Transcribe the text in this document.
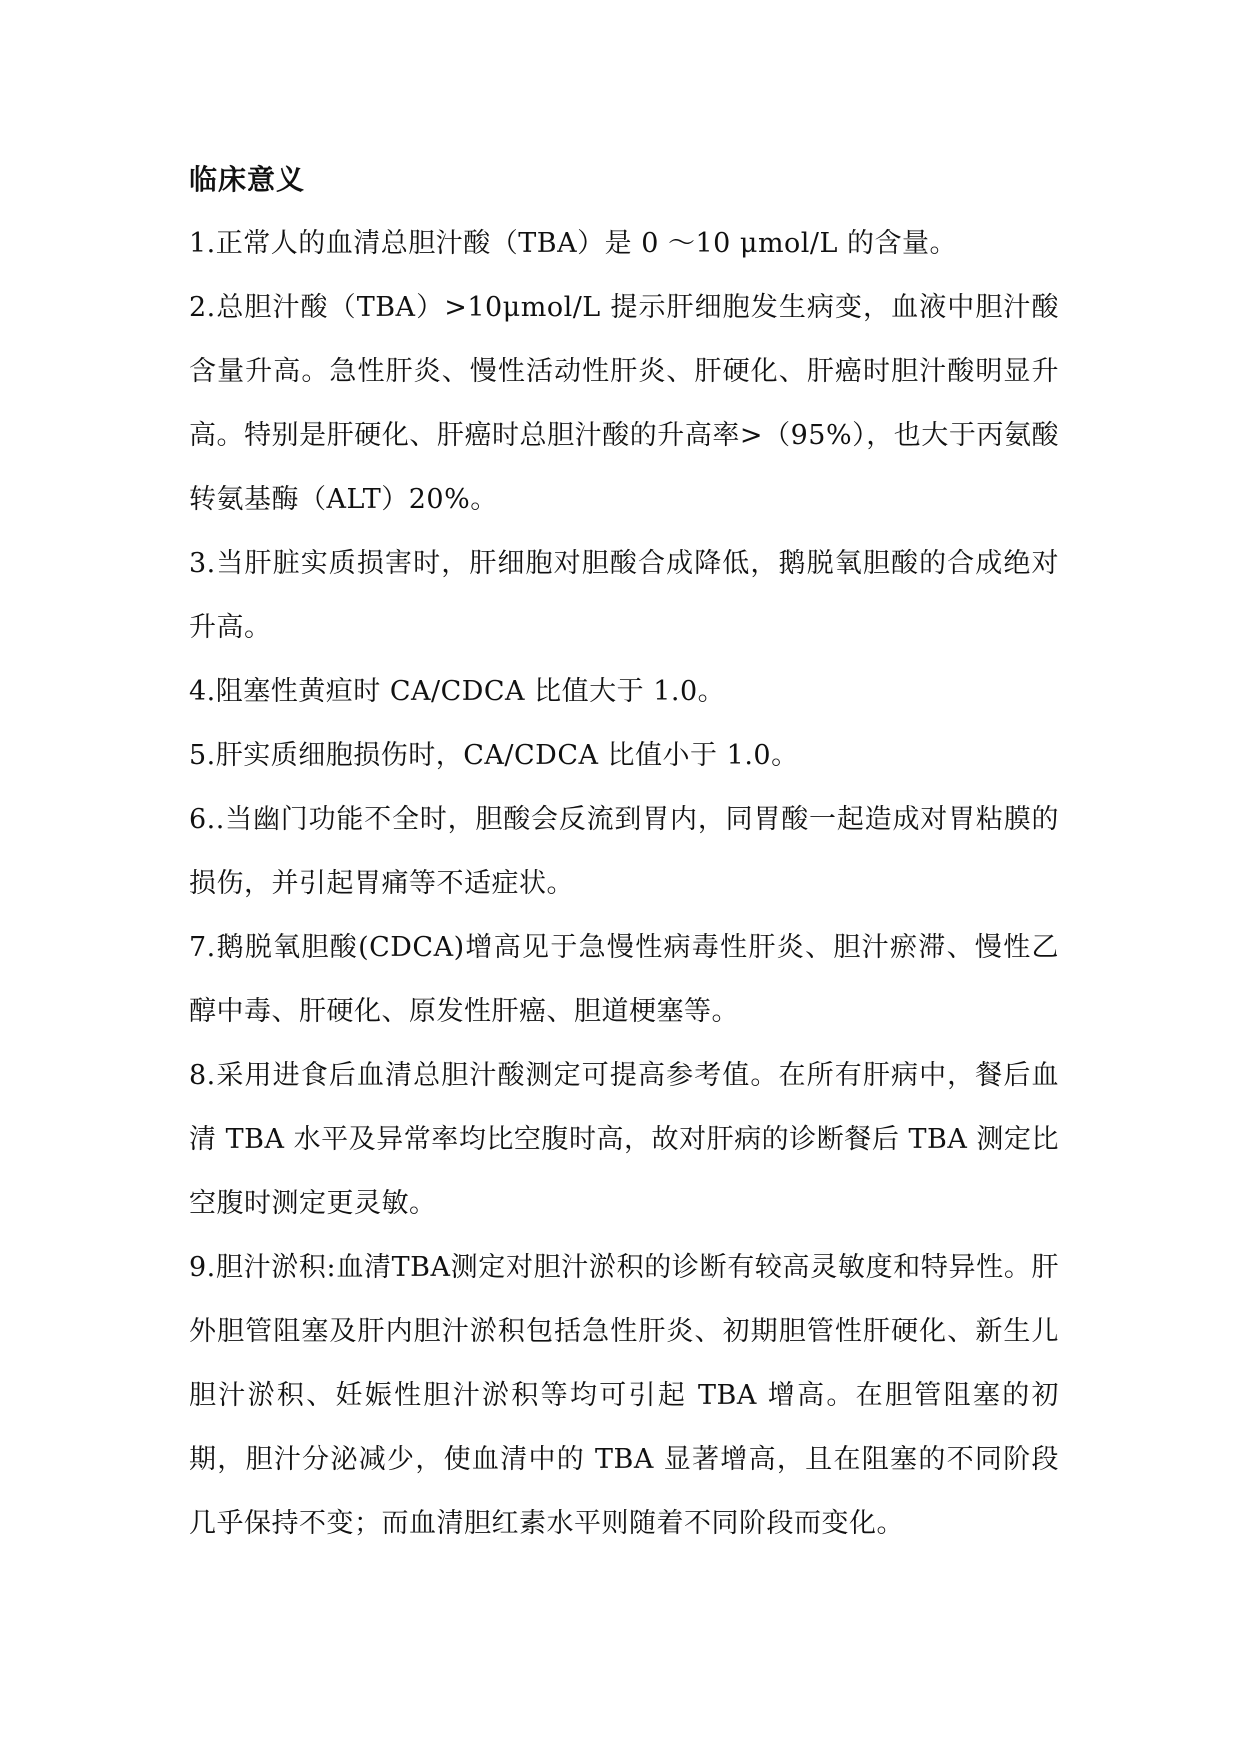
临床意义

1.正常人的血清总胆汁酸（TBA）是 0 ～10 μmol/L 的含量。

2.总胆汁酸（TBA）>10μmol/L 提示肝细胞发生病变，血液中胆汁酸含量升高。急性肝炎、慢性活动性肝炎、肝硬化、肝癌时胆汁酸明显升高。特别是肝硬化、肝癌时总胆汁酸的升高率>（95%），也大于丙氨酸转氨基酶（ALT）20%。

3.当肝脏实质损害时，肝细胞对胆酸合成降低，鹅脱氧胆酸的合成绝对升高。

4.阻塞性黄疸时 CA/CDCA 比值大于 1.0。

5.肝实质细胞损伤时，CA/CDCA 比值小于 1.0。

6..当幽门功能不全时，胆酸会反流到胃内，同胃酸一起造成对胃粘膜的损伤，并引起胃痛等不适症状。

7.鹅脱氧胆酸(CDCA)增高见于急慢性病毒性肝炎、胆汁瘀滞、慢性乙醇中毒、肝硬化、原发性肝癌、胆道梗塞等。

8.采用进食后血清总胆汁酸测定可提高参考值。在所有肝病中，餐后血清 TBA 水平及异常率均比空腹时高，故对肝病的诊断餐后 TBA 测定比空腹时测定更灵敏。

9.胆汁淤积:血清TBA测定对胆汁淤积的诊断有较高灵敏度和特异性。肝外胆管阻塞及肝内胆汁淤积包括急性肝炎、初期胆管性肝硬化、新生儿胆汁淤积、妊娠性胆汁淤积等均可引起 TBA 增高。在胆管阻塞的初期，胆汁分泌减少，使血清中的 TBA 显著增高，且在阻塞的不同阶段几乎保持不变；而血清胆红素水平则随着不同阶段而变化。
